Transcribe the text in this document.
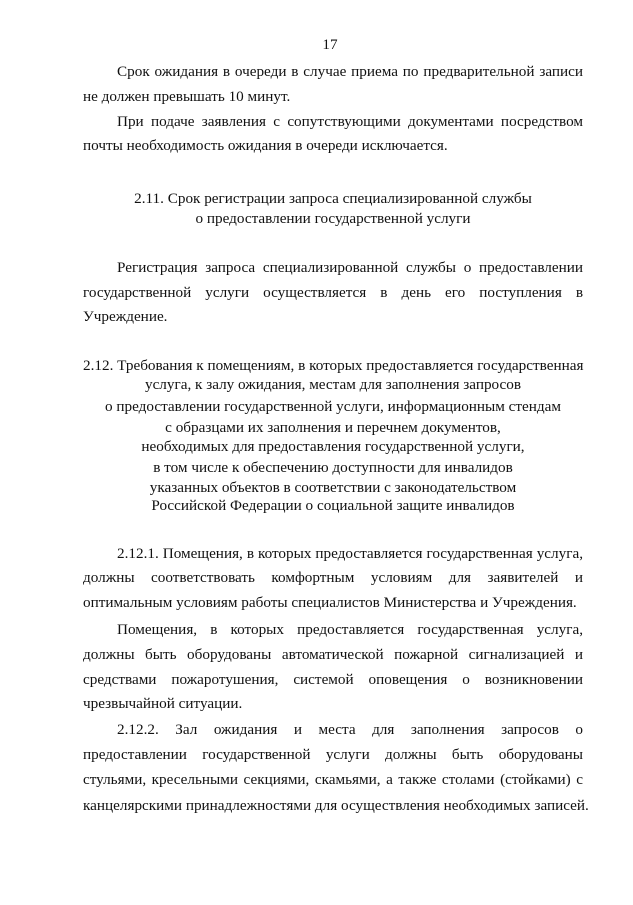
17
Срок ожидания в очереди в случае приема по предварительной записи
не должен превышать 10 минут.
При подаче заявления с сопутствующими документами посредством
почты необходимость ожидания в очереди исключается.
2.11. Срок регистрации запроса специализированной службы
о предоставлении государственной услуги
Регистрация запроса специализированной службы о предоставлении
государственной услуги осуществляется в день его поступления в
Учреждение.
2.12. Требования к помещениям, в которых предоставляется государственная
услуга, к залу ожидания, местам для заполнения запросов
о предоставлении государственной услуги, информационным стендам
с образцами их заполнения и перечнем документов,
необходимых для предоставления государственной услуги,
в том числе к обеспечению доступности для инвалидов
указанных объектов в соответствии с законодательством
Российской Федерации о социальной защите инвалидов
2.12.1. Помещения, в которых предоставляется государственная услуга,
должны соответствовать комфортным условиям для заявителей и
оптимальным условиям работы специалистов Министерства и Учреждения.
Помещения, в которых предоставляется государственная услуга,
должны быть оборудованы автоматической пожарной сигнализацией и
средствами пожаротушения, системой оповещения о возникновении
чрезвычайной ситуации.
2.12.2. Зал ожидания и места для заполнения запросов о
предоставлении государственной услуги должны быть оборудованы
стульями, кресельными секциями, скамьями, а также столами (стойками) с
канцелярскими принадлежностями для осуществления необходимых записей.
